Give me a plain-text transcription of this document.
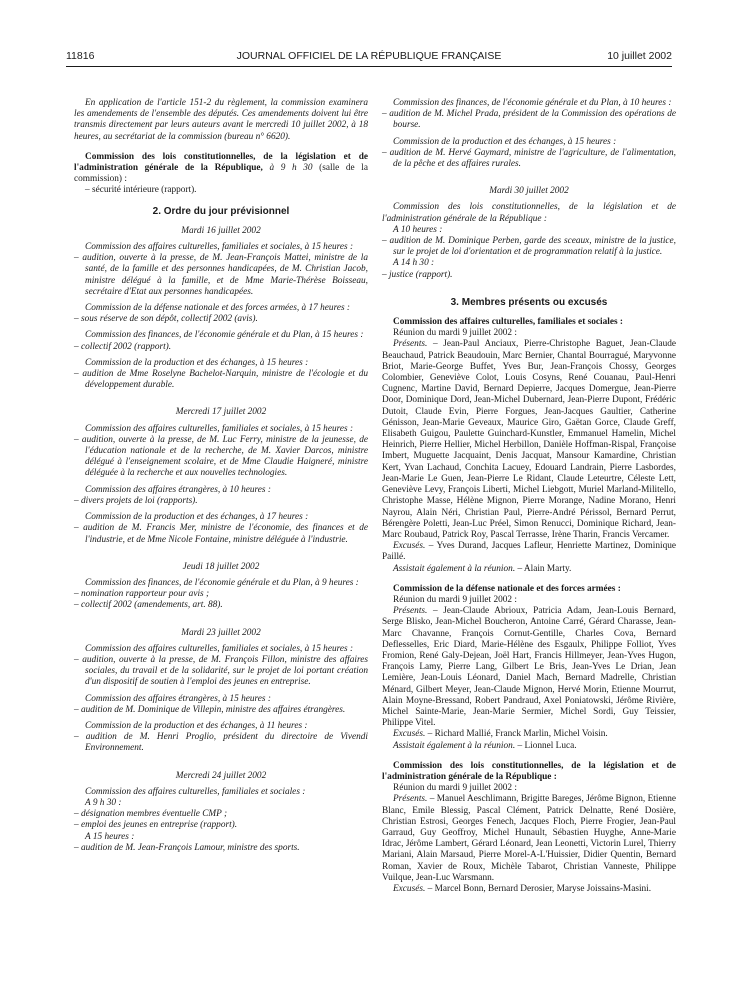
11816	JOURNAL OFFICIEL DE LA RÉPUBLIQUE FRANÇAISE	10 juillet 2002

En application de l'article 151-2 du règlement, la commission examinera les amendements de l'ensemble des députés. Ces amendements doivent lui être transmis directement par leurs auteurs avant le mercredi 10 juillet 2002, à 18 heures, au secrétariat de la commission (bureau n° 6620).

Commission des lois constitutionnelles, de la législation et de l'administration générale de la République, à 9 h 30 (salle de la commission) :

– sécurité intérieure (rapport).

2. Ordre du jour prévisionnel

Mardi 16 juillet 2002

Commission des affaires culturelles, familiales et sociales, à 15 heures :

– audition, ouverte à la presse, de M. Jean-François Mattei, ministre de la santé, de la famille et des personnes handicapées, de M. Christian Jacob, ministre délégué à la famille, et de Mme Marie-Thérèse Boisseau, secrétaire d'Etat aux personnes handicapées.

Commission de la défense nationale et des forces armées, à 17 heures :

– sous réserve de son dépôt, collectif 2002 (avis).

Commission des finances, de l'économie générale et du Plan, à 15 heures :

– collectif 2002 (rapport).

Commission de la production et des échanges, à 15 heures :

– audition de Mme Roselyne Bachelot-Narquin, ministre de l'écologie et du développement durable.

Mercredi 17 juillet 2002

Commission des affaires culturelles, familiales et sociales, à 15 heures :

– audition, ouverte à la presse, de M. Luc Ferry, ministre de la jeunesse, de l'éducation nationale et de la recherche, de M. Xavier Darcos, ministre délégué à l'enseignement scolaire, et de Mme Claudie Haigneré, ministre déléguée à la recherche et aux nouvelles technologies.

Commission des affaires étrangères, à 10 heures :

– divers projets de loi (rapports).

Commission de la production et des échanges, à 17 heures :

– audition de M. Francis Mer, ministre de l'économie, des finances et de l'industrie, et de Mme Nicole Fontaine, ministre déléguée à l'industrie.

Jeudi 18 juillet 2002

Commission des finances, de l'économie générale et du Plan, à 9 heures :

– nomination rapporteur pour avis ;

– collectif 2002 (amendements, art. 88).

Mardi 23 juillet 2002

Commission des affaires culturelles, familiales et sociales, à 15 heures :

– audition, ouverte à la presse, de M. François Fillon, ministre des affaires sociales, du travail et de la solidarité, sur le projet de loi portant création d'un dispositif de soutien à l'emploi des jeunes en entreprise.

Commission des affaires étrangères, à 15 heures :

– audition de M. Dominique de Villepin, ministre des affaires étrangères.

Commission de la production et des échanges, à 11 heures :

– audition de M. Henri Proglio, président du directoire de Vivendi Environnement.

Mercredi 24 juillet 2002

Commission des affaires culturelles, familiales et sociales :

A 9 h 30 :

– désignation membres éventuelle CMP ;

– emploi des jeunes en entreprise (rapport).

A 15 heures :

– audition de M. Jean-François Lamour, ministre des sports.

Commission des finances, de l'économie générale et du Plan, à 10 heures :

– audition de M. Michel Prada, président de la Commission des opérations de bourse.

Commission de la production et des échanges, à 15 heures :

– audition de M. Hervé Gaymard, ministre de l'agriculture, de l'alimentation, de la pêche et des affaires rurales.

Mardi 30 juillet 2002

Commission des lois constitutionnelles, de la législation et de l'administration générale de la République :

A 10 heures :

– audition de M. Dominique Perben, garde des sceaux, ministre de la justice, sur le projet de loi d'orientation et de programmation relatif à la justice.

A 14 h 30 :

– justice (rapport).

3. Membres présents ou excusés

Commission des affaires culturelles, familiales et sociales :

Réunion du mardi 9 juillet 2002 :

Présents. – Jean-Paul Anciaux, Pierre-Christophe Baguet, Jean-Claude Beauchaud, Patrick Beaudouin, Marc Bernier, Chantal Bourragué, Maryvonne Briot, Marie-George Buffet, Yves Bur, Jean-François Chossy, Georges Colombier, Geneviève Colot, Louis Cosyns, René Couanau, Paul-Henri Cugnenc, Martine David, Bernard Depierre, Jacques Domergue, Jean-Pierre Door, Dominique Dord, Jean-Michel Dubernard, Jean-Pierre Dupont, Frédéric Dutoit, Claude Evin, Pierre Forgues, Jean-Jacques Gaultier, Catherine Génisson, Jean-Marie Geveaux, Maurice Giro, Gaëtan Gorce, Claude Greff, Elisabeth Guigou, Paulette Guinchard-Kunstler, Emmanuel Hamelin, Michel Heinrich, Pierre Hellier, Michel Herbillon, Danièle Hoffman-Rispal, Françoise Imbert, Muguette Jacquaint, Denis Jacquat, Mansour Kamardine, Christian Kert, Yvan Lachaud, Conchita Lacuey, Edouard Landrain, Pierre Lasbordes, Jean-Marie Le Guen, Jean-Pierre Le Ridant, Claude Leteurtre, Céleste Lett, Geneviève Levy, François Liberti, Michel Liebgott, Muriel Marland-Militello, Christophe Masse, Hélène Mignon, Pierre Morange, Nadine Morano, Henri Nayrou, Alain Néri, Christian Paul, Pierre-André Périssol, Bernard Perrut, Bérengère Poletti, Jean-Luc Préel, Simon Renucci, Dominique Richard, Jean-Marc Roubaud, Patrick Roy, Pascal Terrasse, Irène Tharin, Francis Vercamer.

Excusés. – Yves Durand, Jacques Lafleur, Henriette Martinez, Dominique Paillé.

Assistait également à la réunion. – Alain Marty.

Commission de la défense nationale et des forces armées :

Réunion du mardi 9 juillet 2002 :

Présents. – Jean-Claude Abrioux, Patricia Adam, Jean-Louis Bernard, Serge Blisko, Jean-Michel Boucheron, Antoine Carré, Gérard Charasse, Jean-Marc Chavanne, François Cornut-Gentille, Charles Cova, Bernard Deflesselles, Eric Diard, Marie-Hélène des Esgaulx, Philippe Folliot, Yves Fromion, René Galy-Dejean, Joël Hart, Francis Hillmeyer, Jean-Yves Hugon, François Lamy, Pierre Lang, Gilbert Le Bris, Jean-Yves Le Drian, Jean Lemière, Jean-Louis Léonard, Daniel Mach, Bernard Madrelle, Christian Ménard, Gilbert Meyer, Jean-Claude Mignon, Hervé Morin, Etienne Mourrut, Alain Moyne-Bressand, Robert Pandraud, Axel Poniatowski, Jérôme Rivière, Michel Sainte-Marie, Jean-Marie Sermier, Michel Sordi, Guy Teissier, Philippe Vitel.

Excusés. – Richard Mallié, Franck Marlin, Michel Voisin.

Assistait également à la réunion. – Lionnel Luca.

Commission des lois constitutionnelles, de la législation et de l'administration générale de la République :

Réunion du mardi 9 juillet 2002 :

Présents. – Manuel Aeschlimann, Brigitte Bareges, Jérôme Bignon, Etienne Blanc, Emile Blessig, Pascal Clément, Patrick Delnatte, René Dosière, Christian Estrosi, Georges Fenech, Jacques Floch, Pierre Frogier, Jean-Paul Garraud, Guy Geoffroy, Michel Hunault, Sébastien Huyghe, Anne-Marie Idrac, Jérôme Lambert, Gérard Léonard, Jean Leonetti, Victorin Lurel, Thierry Mariani, Alain Marsaud, Pierre Morel-A-L'Huissier, Didier Quentin, Bernard Roman, Xavier de Roux, Michèle Tabarot, Christian Vanneste, Philippe Vuilque, Jean-Luc Warsmann.

Excusés. – Marcel Bonn, Bernard Derosier, Maryse Joissains-Masini.
